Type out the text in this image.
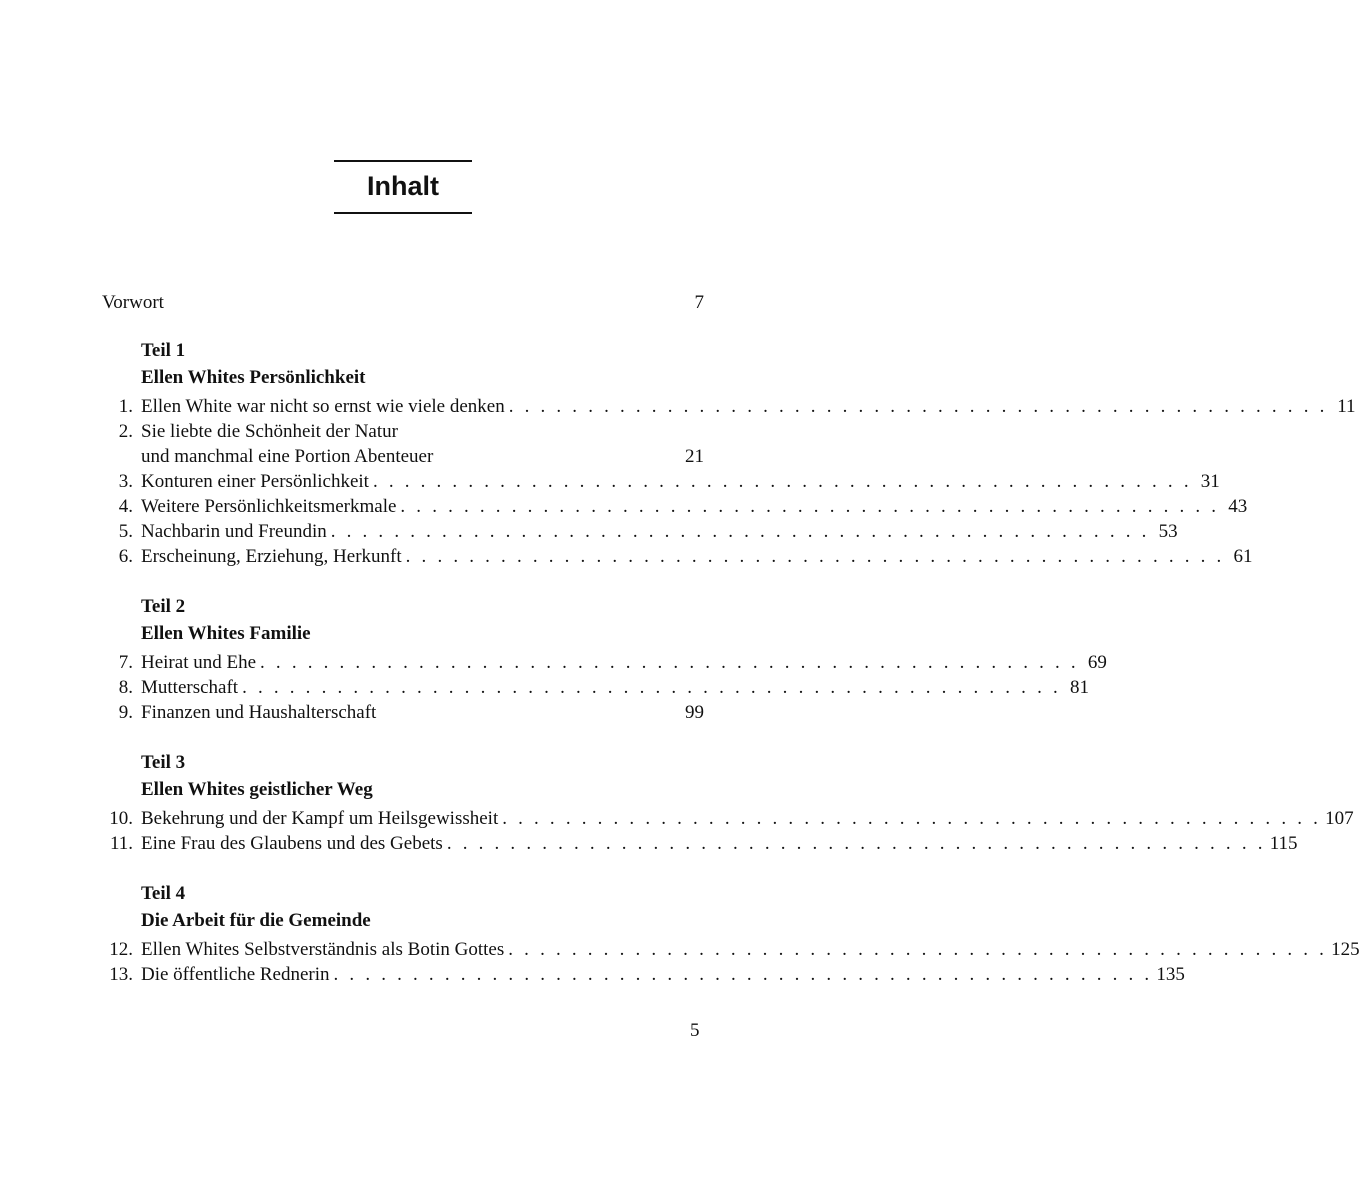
Inhalt
Vorwort	7
Teil 1
Ellen Whites Persönlichkeit
1. Ellen White war nicht so ernst wie viele denken . . . . . . . . . . . . . . . . . . . . . . . . . . . . . . . . . . . . . . . . . . . . . . . . . . . . 11
2. Sie liebte die Schönheit der Natur
und manchmal eine Portion Abenteuer	21
3. Konturen einer Persönlichkeit . . . . . . . . . . . . . . . . . . . . . . . . . . . . . . . . . . . . . . . . . . . . . . . . . . . . 31
4. Weitere Persönlichkeitsmerkmale . . . . . . . . . . . . . . . . . . . . . . . . . . . . . . . . . . . . . . . . . . . . . . . . . . . . 43
5. Nachbarin und Freundin . . . . . . . . . . . . . . . . . . . . . . . . . . . . . . . . . . . . . . . . . . . . . . . . . . . . 53
6. Erscheinung, Erziehung, Herkunft . . . . . . . . . . . . . . . . . . . . . . . . . . . . . . . . . . . . . . . . . . . . . . . . . . . . 61
Teil 2
Ellen Whites Familie
7. Heirat und Ehe . . . . . . . . . . . . . . . . . . . . . . . . . . . . . . . . . . . . . . . . . . . . . . . . . . . . 69
8. Mutterschaft . . . . . . . . . . . . . . . . . . . . . . . . . . . . . . . . . . . . . . . . . . . . . . . . . . . . 81
9. Finanzen und Haushalterschaft	99
Teil 3
Ellen Whites geistlicher Weg
10. Bekehrung und der Kampf um Heilsgewissheit . . . . . . . . . . . . . . . . . . . . . . . . . . . . . . . . . . . . . . . . . . . . . . . . . . . . 107
11. Eine Frau des Glaubens und des Gebets . . . . . . . . . . . . . . . . . . . . . . . . . . . . . . . . . . . . . . . . . . . . . . . . . . . . 115
Teil 4
Die Arbeit für die Gemeinde
12. Ellen Whites Selbstverständnis als Botin Gottes . . . . . . . . . . . . . . . . . . . . . . . . . . . . . . . . . . . . . . . . . . . . . . . . . . . . 125
13. Die öffentliche Rednerin . . . . . . . . . . . . . . . . . . . . . . . . . . . . . . . . . . . . . . . . . . . . . . . . . . . . 135
5
